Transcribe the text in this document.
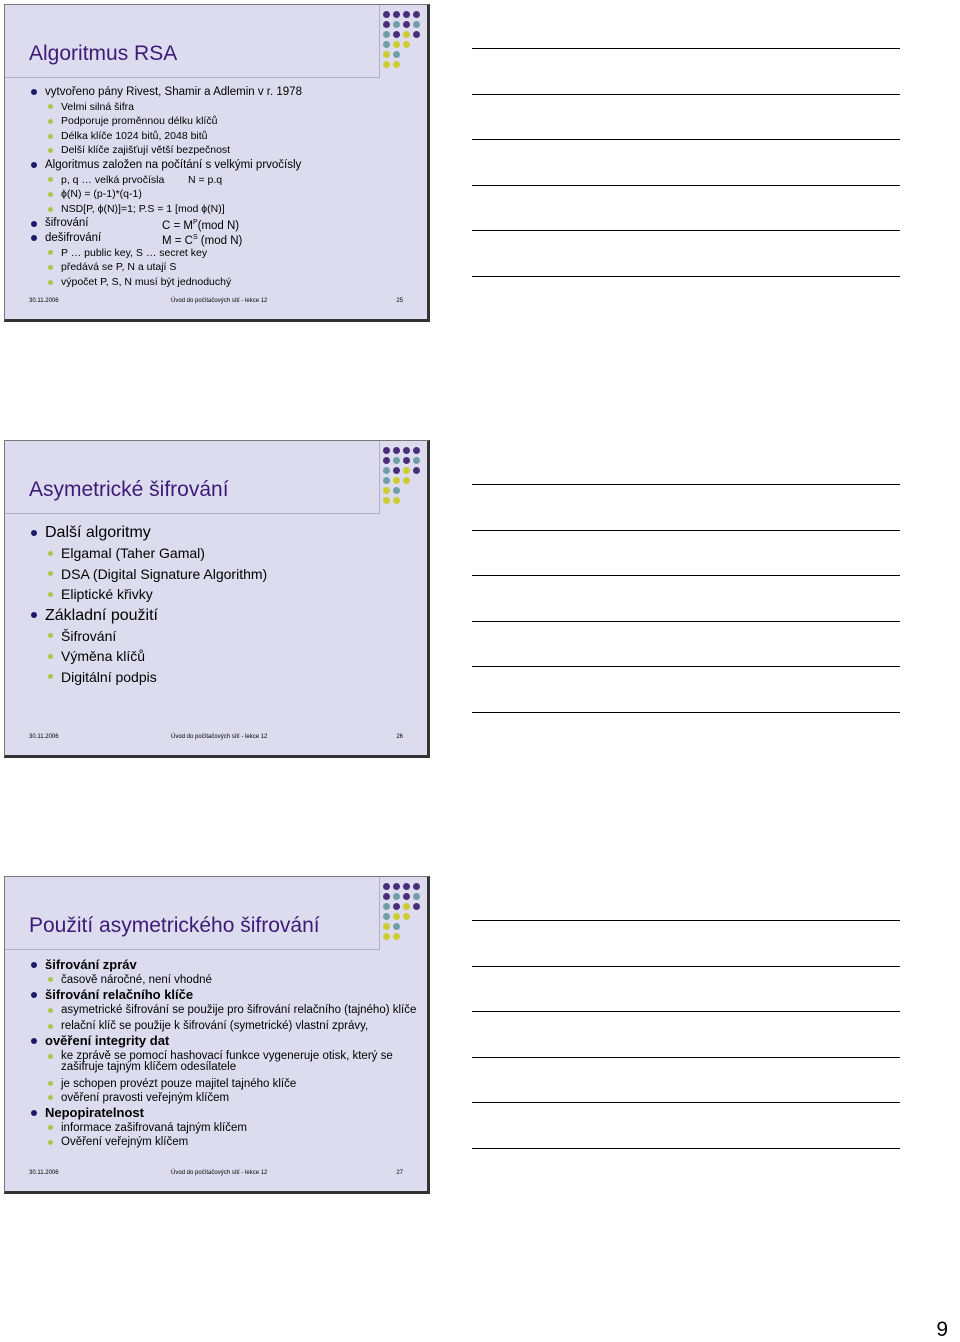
Algoritmus RSA
vytvořeno pány Rivest, Shamir a Adlemin v r. 1978
Velmi silná šifra
Podporuje proměnnou délku klíčů
Délka klíče 1024 bitů, 2048 bitů
Delší klíče zajišťují větší bezpečnost
Algoritmus založen na počítání s velkými prvočísly
p, q … velká prvočísla N = p.q
ϕ(N) = (p-1)*(q-1)
NSD[P, ϕ(N)]=1; P.S = 1 [mod ϕ(N)]
šifrování	$C = M^P(mod$ N)
dešifrování	$M = C^S$ (mod N)
P … public key, S … secret key
předává se P, N a utají S
výpočet P, S, N musí být jednoduchý
30.11.2006	Úvod do počítačových sítí - lekce 12	25
Asymetrické šifrování
Další algoritmy
Elgamal (Taher Gamal)
DSA (Digital Signature Algorithm)
Eliptické křivky
Základní použití
Šifrování
Výměna klíčů
Digitální podpis
30.11.2006	Úvod do počítačových sítí - lekce 12	26
Použití asymetrického šifrování
šifrování zpráv
časově náročné, není vhodné
šifrování relačního klíče
asymetrické šifrování se použije pro šifrování relačního (tajného) klíče
relační klíč se použije k šifrování (symetrické) vlastní zprávy,
ověření integrity dat
ke zprávě se pomocí hashovací funkce vygeneruje otisk, který se zašifruje tajným klíčem odesílatele
je schopen provézt pouze majitel tajného klíče
ověření pravosti veřejným klíčem
Nepopiratelnost
informace zašifrovaná tajným klíčem
Ověření veřejným klíčem
30.11.2006	Úvod do počítačových sítí - lekce 12	27
9
